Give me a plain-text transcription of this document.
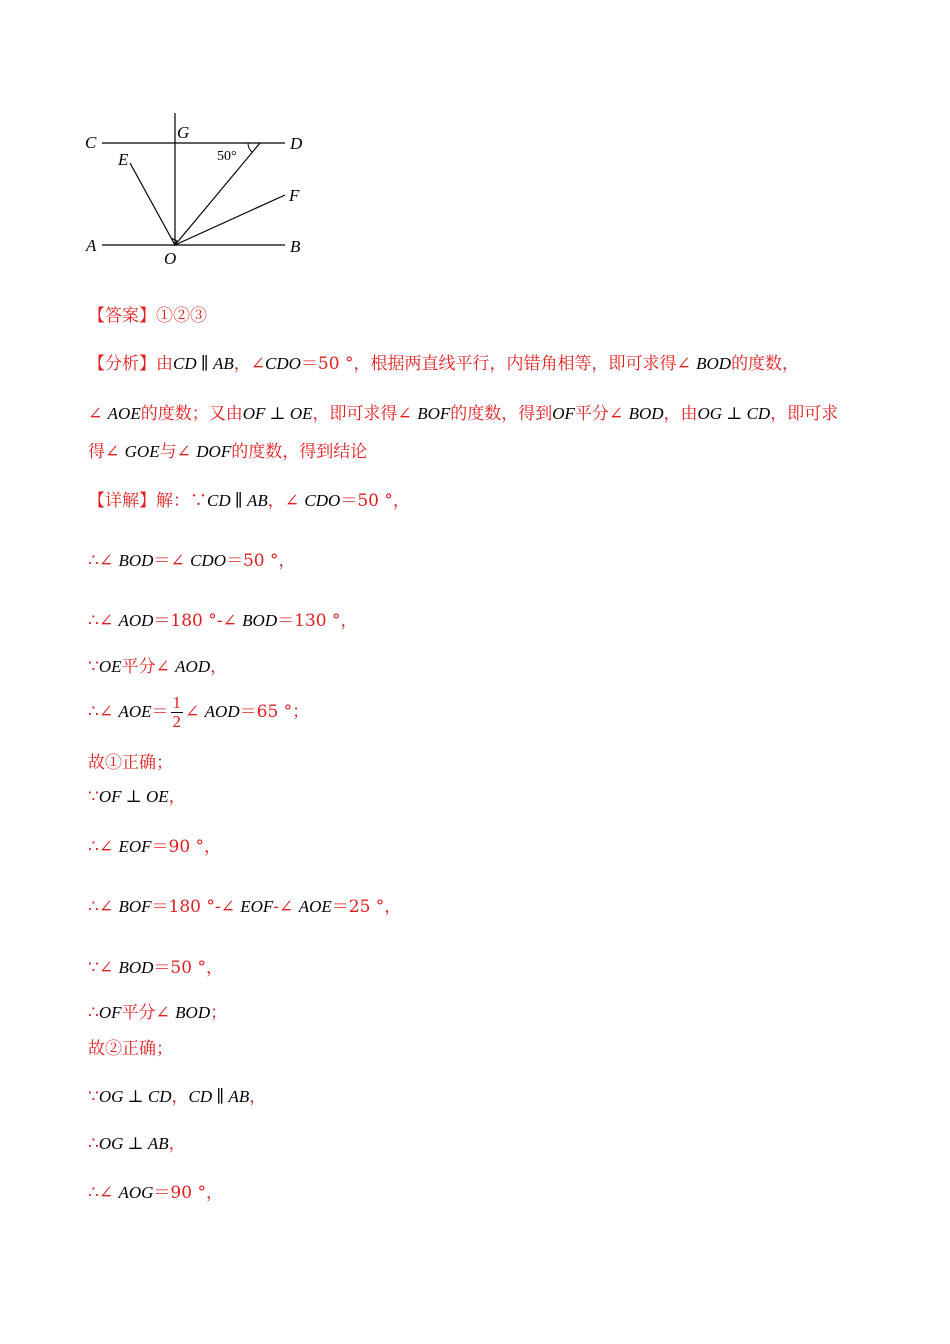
C
G
D
E
F
A
O
B
50°
【答案】①②③
【分析】由CD ∥ AB，∠CDO＝50 °，根据两直线平行，内错角相等，即可求得∠ BOD的度数，
∠ AOE的度数；又由OF ⊥ OE，即可求得∠ BOF的度数，得到OF平分∠ BOD，由OG ⊥ CD，即可求
得∠ GOE与∠ DOF的度数，得到结论
【详解】解：∵CD ∥ AB，∠ CDO＝50 °，
∴∠ BOD＝∠ CDO＝50 °，
∴∠ AOD＝180 °-∠ BOD＝130 °，
∵OE平分∠ AOD，
∴∠ $AOE= \frac{1}{2}$ ∠ AOD＝65 °；
故①正确；
∵OF ⊥ OE，
∴∠ EOF＝90 °，
∴∠ BOF＝180 °-∠ EOF-∠ AOE＝25 °，
∵∠ BOD＝50 °，
∴OF平分∠ BOD；
故②正确；
∵OG ⊥ CD，CD ∥ AB，
∴OG ⊥ AB，
∴∠ AOG＝90 °，
